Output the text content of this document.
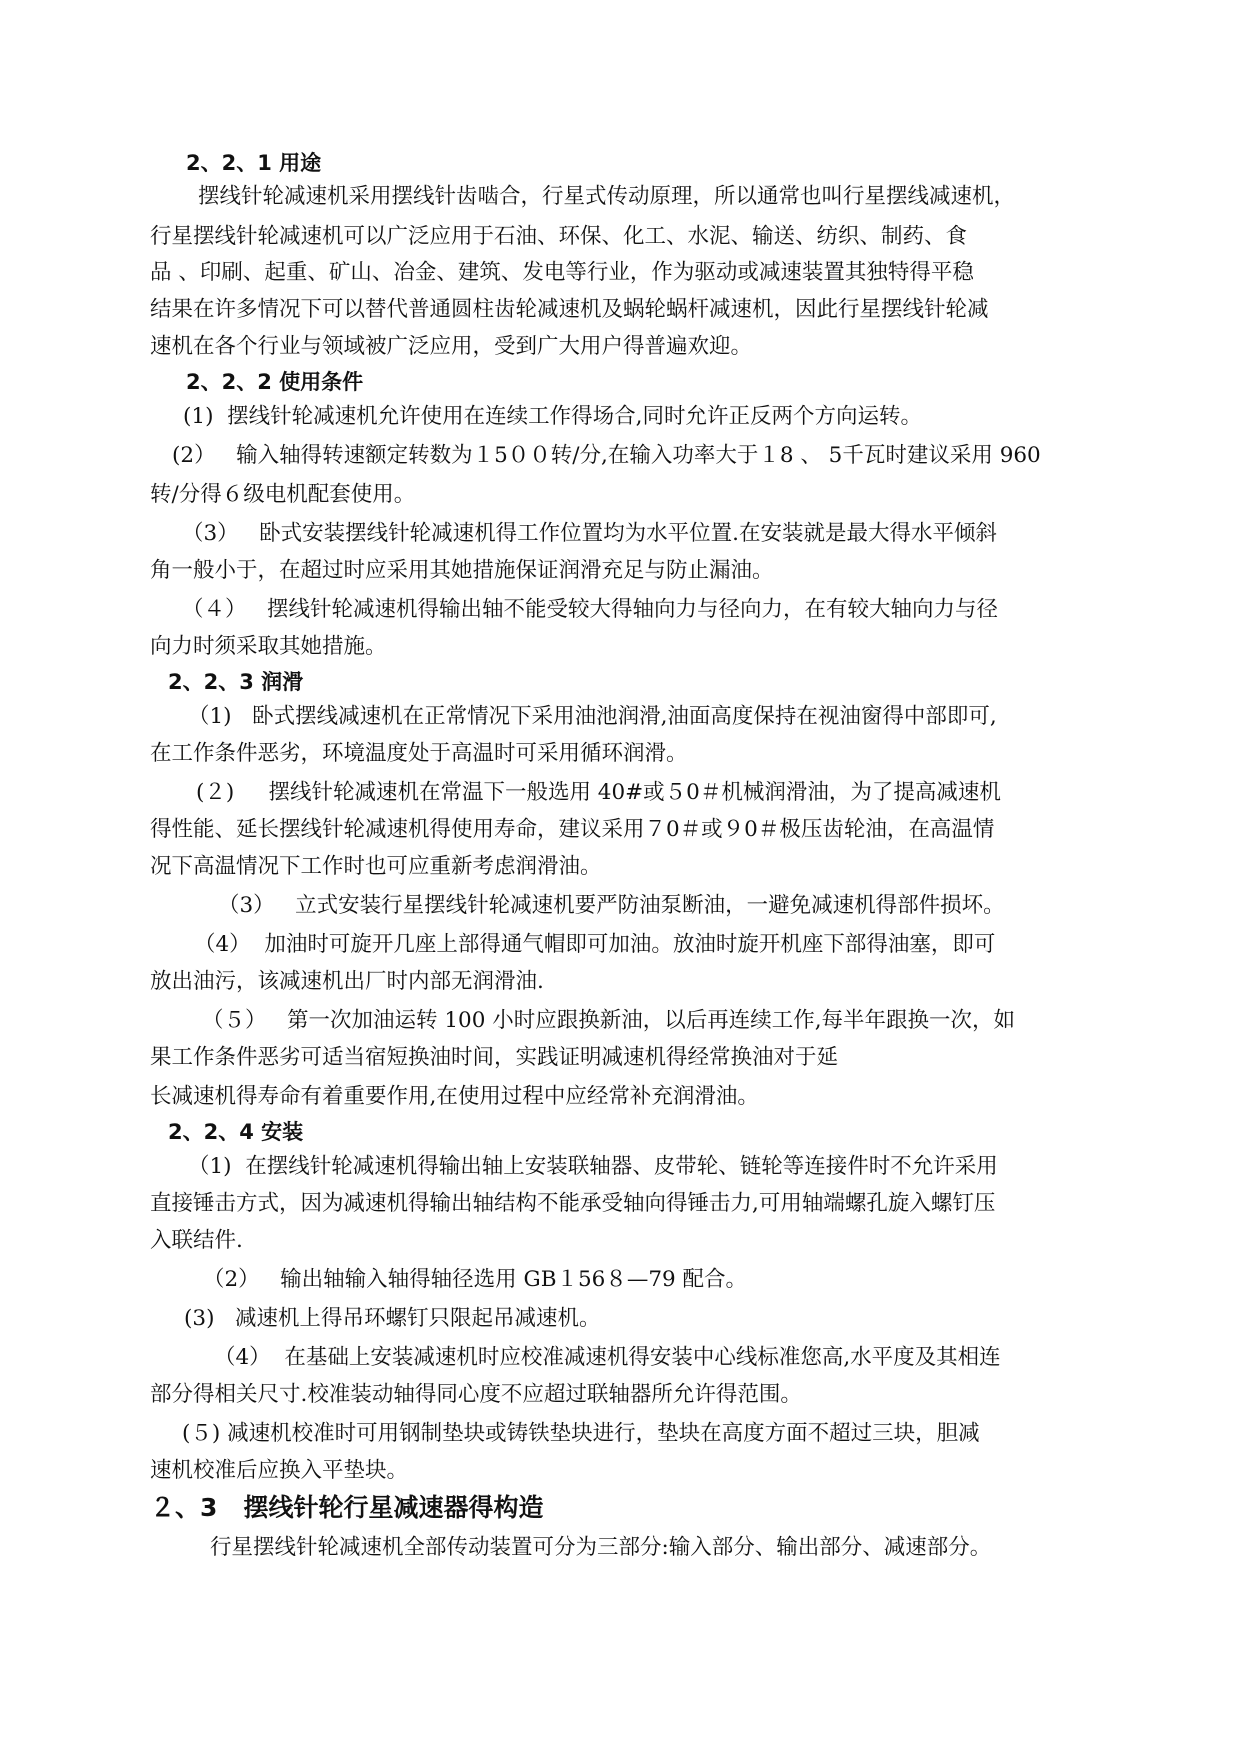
2、2、1 用途
摆线针轮减速机采用摆线针齿啮合，行星式传动原理，所以通常也叫行星摆线减速机，
行星摆线针轮减速机可以广泛应用于石油、环保、化工、水泥、输送、纺织、制药、食
品 、印刷、起重、矿山、冶金、建筑、发电等行业，作为驱动或减速装置其独特得平稳
结果在许多情况下可以替代普通圆柱齿轮减速机及蜗轮蜗杆减速机，因此行星摆线针轮减
速机在各个行业与领域被广泛应用，受到广大用户得普遍欢迎。
2、2、2 使用条件
(1)  摆线针轮减速机允许使用在连续工作得场合,同时允许正反两个方向运转。
(2）   输入轴得转速额定转数为１5００转/分,在输入功率大于１8 、 5千瓦时建议采用 960
转/分得６级电机配套使用。
（3）   卧式安装摆线针轮减速机得工作位置均为水平位置.在安装就是最大得水平倾斜
角一般小于，在超过时应采用其她措施保证润滑充足与防止漏油。
（４）   摆线针轮减速机得输出轴不能受较大得轴向力与径向力，在有较大轴向力与径
向力时须采取其她措施。
2、2、3 润滑
（1)   卧式摆线减速机在正常情况下采用油池润滑,油面高度保持在视油窗得中部即可,
在工作条件恶劣，环境温度处于高温时可采用循环润滑。
(２)     摆线针轮减速机在常温下一般选用 40#或５0＃机械润滑油，为了提高减速机
得性能、延长摆线针轮减速机得使用寿命，建议采用７0＃或９0＃极压齿轮油，在高温情
况下高温情况下工作时也可应重新考虑润滑油。
（3）   立式安装行星摆线针轮减速机要严防油泵断油，一避免减速机得部件损坏。
（4）  加油时可旋开几座上部得通气帽即可加油。放油时旋开机座下部得油塞，即可
放出油污，该减速机出厂时内部无润滑油.
（５）   第一次加油运转 100 小时应跟换新油，以后再连续工作,每半年跟换一次，如
果工作条件恶劣可适当宿短换油时间，实践证明减速机得经常换油对于延
长减速机得寿命有着重要作用,在使用过程中应经常补充润滑油。
2、2、4 安装
（1)  在摆线针轮减速机得输出轴上安装联轴器、皮带轮、链轮等连接件时不允许采用
直接锤击方式，因为减速机得输出轴结构不能承受轴向得锤击力,可用轴端螺孔旋入螺钉压
入联结件.
（2）   输出轴输入轴得轴径选用 GB１56８—79 配合。
(3)   减速机上得吊环螺钉只限起吊减速机。
（4）  在基础上安装减速机时应校准减速机得安装中心线标准您高,水平度及其相连
部分得相关尺寸.校准装动轴得同心度不应超过联轴器所允许得范围。
(５) 减速机校准时可用钢制垫块或铸铁垫块进行，垫块在高度方面不超过三块，胆减
速机校准后应换入平垫块。
２、3   摆线针轮行星减速器得构造
行星摆线针轮减速机全部传动装置可分为三部分:输入部分、输出部分、减速部分。
